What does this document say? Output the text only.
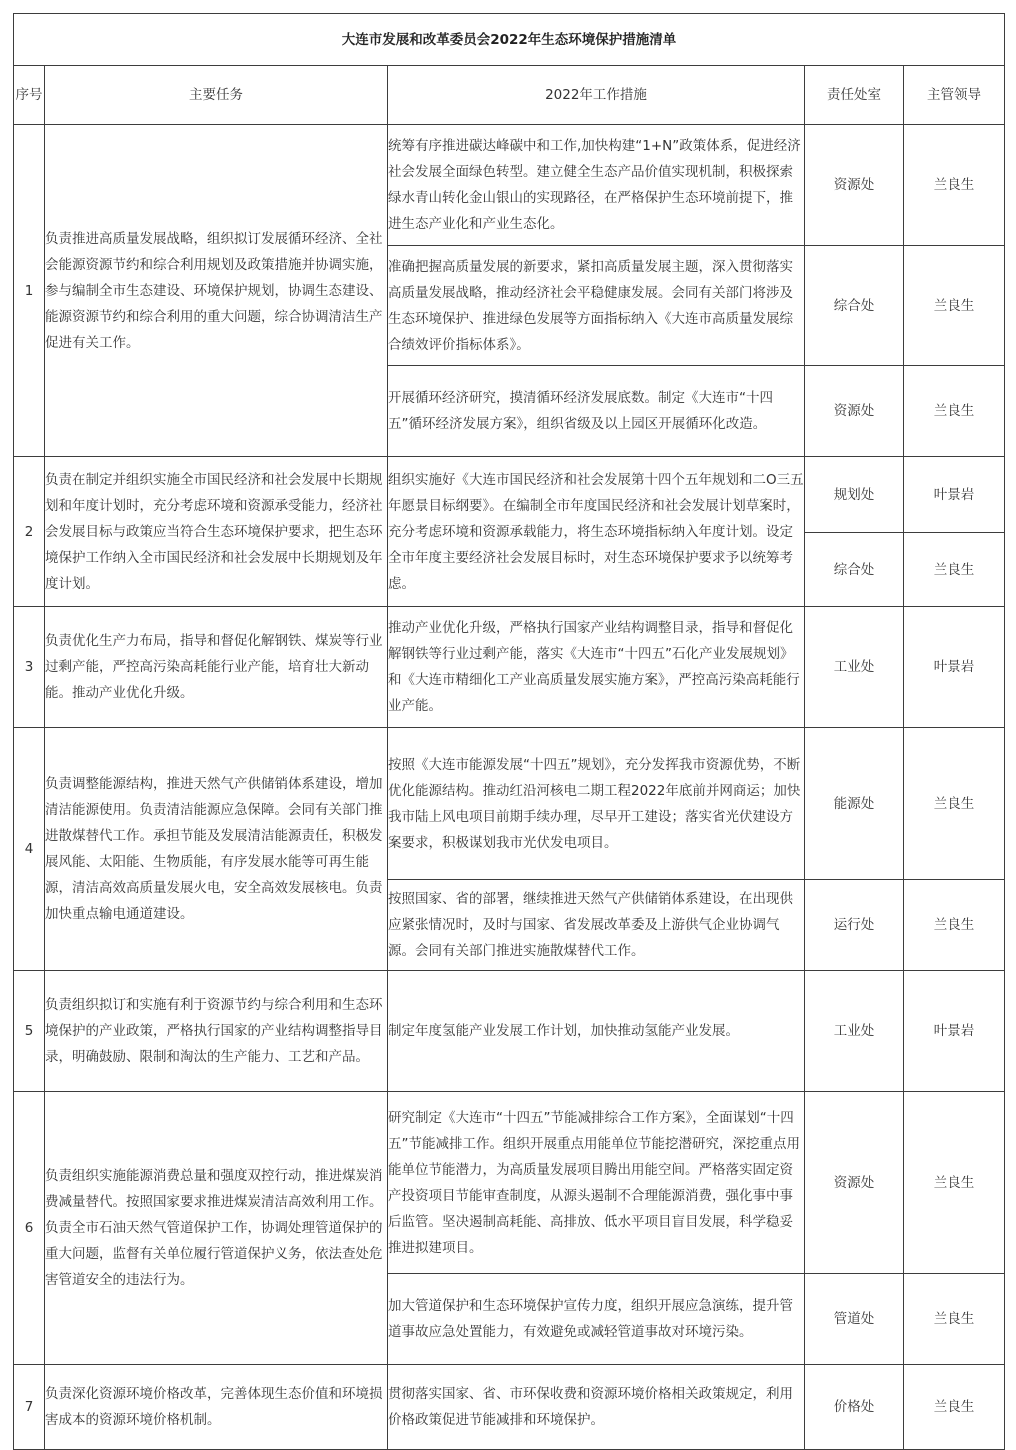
大连市发展和改革委员会2022年生态环境保护措施清单				
序号	主要任务	2022年工作措施	责任处室	主管领导
1	负责推进高质量发展战略，组织拟订发展循环经济、全社会能源资源节约和综合利用规划及政策措施并协调实施，参与编制全市生态建设、环境保护规划，协调生态建设、能源资源节约和综合利用的重大问题，综合协调清洁生产促进有关工作。	统筹有序推进碳达峰碳中和工作,加快构建“1+N”政策体系，促进经济社会发展全面绿色转型。建立健全生态产品价值实现机制，积极探索绿水青山转化金山银山的实现路径，在严格保护生态环境前提下，推进生态产业化和产业生态化。	资源处	兰良生
		准确把握高质量发展的新要求，紧扣高质量发展主题，深入贯彻落实高质量发展战略，推动经济社会平稳健康发展。会同有关部门将涉及生态环境保护、推进绿色发展等方面指标纳入《大连市高质量发展综合绩效评价指标体系》。	综合处	兰良生
		开展循环经济研究，摸清循环经济发展底数。制定《大连市“十四五”循环经济发展方案》，组织省级及以上园区开展循环化改造。	资源处	兰良生
2	负责在制定并组织实施全市国民经济和社会发展中长期规划和年度计划时，充分考虑环境和资源承受能力，经济社会发展目标与政策应当符合生态环境保护要求，把生态环境保护工作纳入全市国民经济和社会发展中长期规划及年度计划。	组织实施好《大连市国民经济和社会发展第十四个五年规划和二O三五年愿景目标纲要》。在编制全市年度国民经济和社会发展计划草案时，充分考虑环境和资源承载能力，将生态环境指标纳入年度计划。设定全市年度主要经济社会发展目标时，对生态环境保护要求予以统筹考虑。	规划处	叶景岩
			综合处	兰良生
3	负责优化生产力布局，指导和督促化解钢铁、煤炭等行业过剩产能，严控高污染高耗能行业产能，培育壮大新动能。推动产业优化升级。	推动产业优化升级，严格执行国家产业结构调整目录，指导和督促化解钢铁等行业过剩产能，落实《大连市“十四五”石化产业发展规划》和《大连市精细化工产业高质量发展实施方案》，严控高污染高耗能行业产能。	工业处	叶景岩
4	负责调整能源结构，推进天然气产供储销体系建设，增加清洁能源使用。负责清洁能源应急保障。会同有关部门推进散煤替代工作。承担节能及发展清洁能源责任，积极发展风能、太阳能、生物质能，有序发展水能等可再生能源，清洁高效高质量发展火电，安全高效发展核电。负责加快重点输电通道建设。	按照《大连市能源发展“十四五”规划》，充分发挥我市资源优势，不断优化能源结构。推动红沿河核电二期工程2022年底前并网商运；加快我市陆上风电项目前期手续办理，尽早开工建设；落实省光伏建设方案要求，积极谋划我市光伏发电项目。	能源处	兰良生
		按照国家、省的部署，继续推进天然气产供储销体系建设，在出现供应紧张情况时，及时与国家、省发展改革委及上游供气企业协调气源。会同有关部门推进实施散煤替代工作。	运行处	兰良生
5	负责组织拟订和实施有利于资源节约与综合利用和生态环境保护的产业政策，严格执行国家的产业结构调整指导目录，明确鼓励、限制和淘汰的生产能力、工艺和产品。	制定年度氢能产业发展工作计划，加快推动氢能产业发展。	工业处	叶景岩
6	负责组织实施能源消费总量和强度双控行动，推进煤炭消费减量替代。按照国家要求推进煤炭清洁高效利用工作。负责全市石油天然气管道保护工作，协调处理管道保护的重大问题，监督有关单位履行管道保护义务，依法查处危害管道安全的违法行为。	研究制定《大连市“十四五”节能减排综合工作方案》，全面谋划“十四五”节能减排工作。组织开展重点用能单位节能挖潜研究，深挖重点用能单位节能潜力，为高质量发展项目腾出用能空间。严格落实固定资产投资项目节能审查制度，从源头遏制不合理能源消费，强化事中事后监管。坚决遏制高耗能、高排放、低水平项目盲目发展，科学稳妥推进拟建项目。	资源处	兰良生
		加大管道保护和生态环境保护宣传力度，组织开展应急演练，提升管道事故应急处置能力，有效避免或减轻管道事故对环境污染。	管道处	兰良生
7	负责深化资源环境价格改革，完善体现生态价值和环境损害成本的资源环境价格机制。	贯彻落实国家、省、市环保收费和资源环境价格相关政策规定，利用价格政策促进节能减排和环境保护。	价格处	兰良生
